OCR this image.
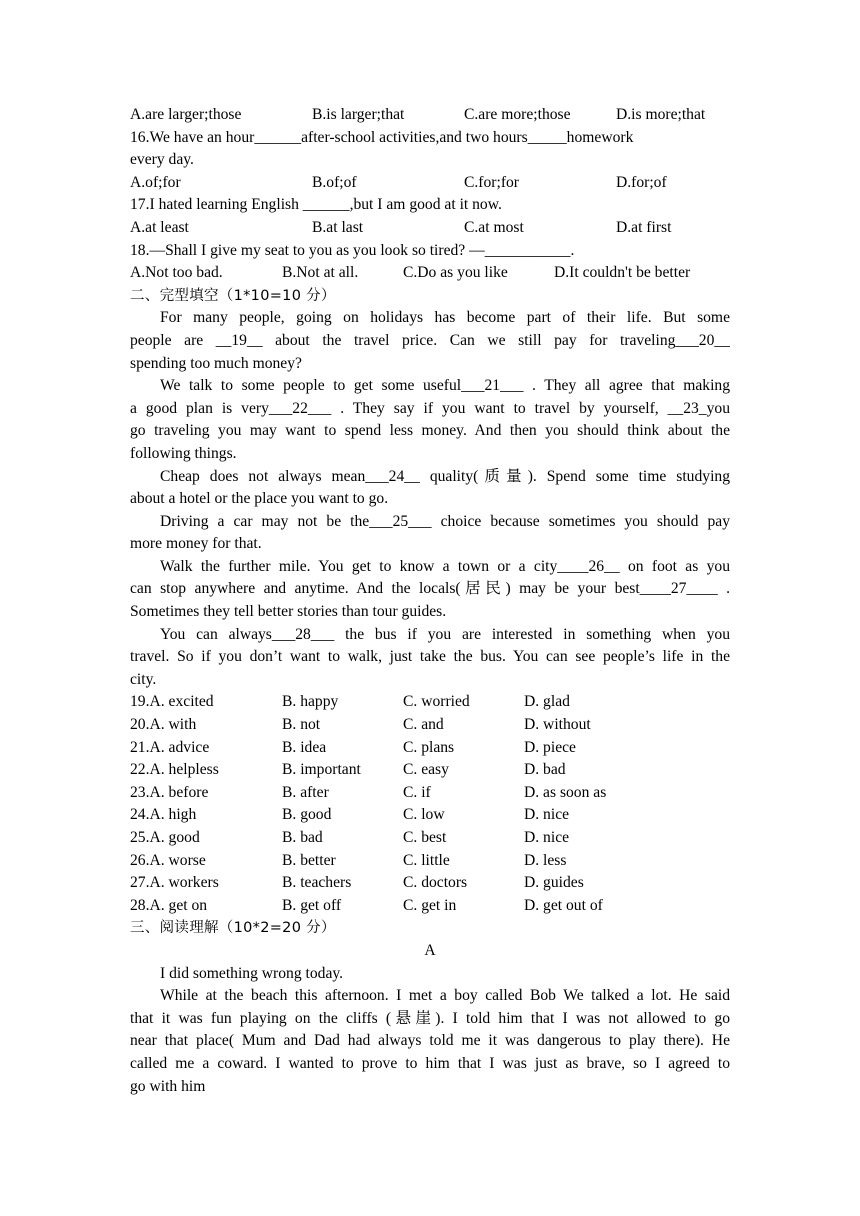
A.are larger;those	B.is larger;that	C.are more;those	D.is more;that
16.We have an hour______after-school activities,and two hours_____homework
every day.
A.of;for	B.of;of	C.for;for	D.for;of
17.I hated learning English ______,but I am good at it now.
A.at least	B.at last	C.at most	D.at first
18.—Shall I give my seat to you as you look so tired? —___________.
A.Not too bad.	B.Not at all.	C.Do as you like	D.It couldn't be better
二、完型填空（1*10=10 分）
For many people, going on holidays has become part of their life. But some
people are __19__ about the travel price. Can we still pay for traveling___20__
spending too much money?
We talk to some people to get some useful___21___ . They all agree that making
a good plan is very___22___ . They say if you want to travel by yourself, __23_you
go traveling you may want to spend less money. And then you should think about the
following things.
Cheap does not always mean___24__ quality(质量). Spend some time studying
about a hotel or the place you want to go.
Driving a car may not be the___25___ choice because sometimes you should pay
more money for that.
Walk the further mile. You get to know a town or a city____26__ on foot as you
can stop anywhere and anytime. And the locals(居民) may be your best____27____ .
Sometimes they tell better stories than tour guides.
You can always___28___ the bus if you are interested in something when you
travel. So if you don’t want to walk, just take the bus. You can see people’s life in the
city.
19.A. excited	B. happy	C. worried	D. glad
20.A. with	B. not	C. and	D. without
21.A. advice	B. idea	C. plans	D. piece
22.A. helpless	B. important	C. easy	D. bad
23.A. before	B. after	C. if	D. as soon as
24.A. high	B. good	C. low	D. nice
25.A. good	B. bad	C. best	D. nice
26.A. worse	B. better	C. little	D. less
27.A. workers	B. teachers	C. doctors	D. guides
28.A. get on	B. get off	C. get in	D. get out of
三、阅读理解（10*2=20 分）
A
I did something wrong today.
While at the beach this afternoon. I met a boy called Bob We talked a lot. He said
that it was fun playing on the cliffs (悬崖). I told him that I was not allowed to go
near that place( Mum and Dad had always told me it was dangerous to play there). He
called me a coward. I wanted to prove to him that I was just as brave, so I agreed to
go with him
